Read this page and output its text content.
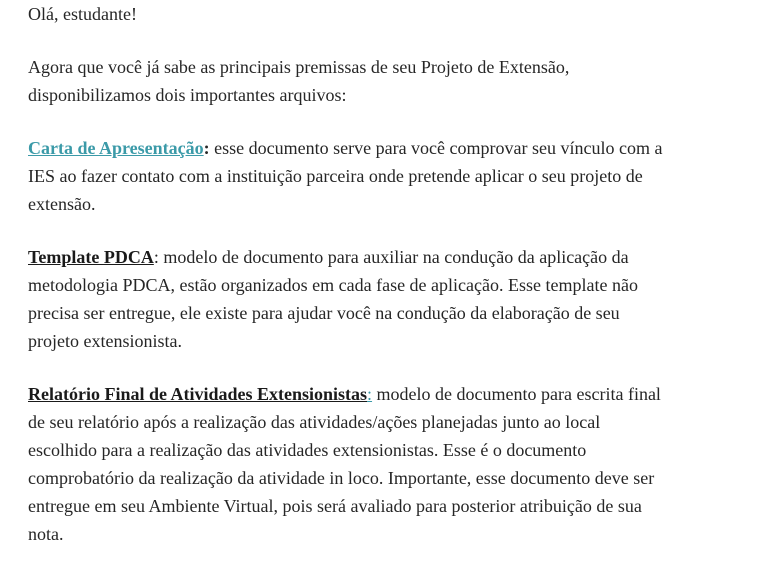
Olá, estudante!

Agora que você já sabe as principais premissas de seu Projeto de Extensão,
disponibilizamos dois importantes arquivos:

Carta de Apresentação: esse documento serve para você comprovar seu vínculo com a
IES ao fazer contato com a instituição parceira onde pretende aplicar o seu projeto de
extensão.

Template PDCA: modelo de documento para auxiliar na condução da aplicação da
metodologia PDCA, estão organizados em cada fase de aplicação. Esse template não
precisa ser entregue, ele existe para ajudar você na condução da elaboração de seu
projeto extensionista.

Relatório Final de Atividades Extensionistas: modelo de documento para escrita final
de seu relatório após a realização das atividades/ações planejadas junto ao local
escolhido para a realização das atividades extensionistas. Esse é o documento
comprobatório da realização da atividade in loco. Importante, esse documento deve ser
entregue em seu Ambiente Virtual, pois será avaliado para posterior atribuição de sua
nota.
